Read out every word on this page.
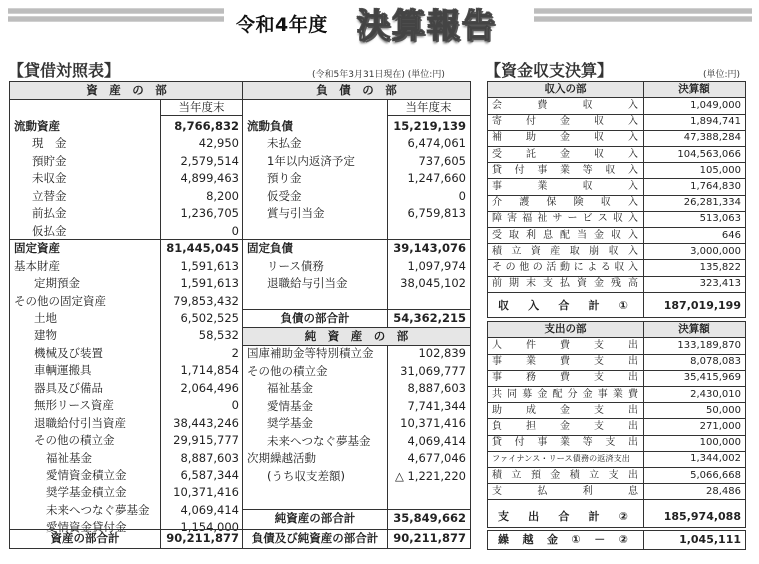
令和4年度 決算報告
【貸借対照表】	(令和5年3月31日現在) (単位:円)
資　産　の　部	負　債　の　部
当年度末	当年度末
流動資産	8,766,832
現　金	42,950
預貯金	2,579,514
未収金	4,899,463
立替金	8,200
前払金	1,236,705
仮払金	0
固定資産	81,445,045
基本財産	1,591,613
定期預金	1,591,613
その他の固定資産	79,853,432
土地	6,502,525
建物	58,532
機械及び装置	2
車輌運搬具	1,714,854
器具及び備品	2,064,496
無形リース資産	0
退職給付引当資産	38,443,246
その他の積立金	29,915,777
福祉基金	8,887,603
愛情資金積立金	6,587,344
奨学基金積立金	10,371,416
未来へつなぐ夢基金	4,069,414
愛情資金貸付金	1,154,000
流動負債	15,219,139
未払金	6,474,061
1年以内返済予定	737,605
預り金	1,247,660
仮受金	0
賞与引当金	6,759,813
固定負債	39,143,076
リース債務	1,097,974
退職給与引当金	38,045,102
負債の部合計	54,362,215
純　資　産　の　部
国庫補助金等特別積立金	102,839
その他の積立金	31,069,777
福祉基金	8,887,603
愛情基金	7,741,344
奨学基金	10,371,416
未来へつなぐ夢基金	4,069,414
次期繰越活動	4,677,046
(うち収支差額)	△ 1,221,220
純資産の部合計	35,849,662
資産の部合計	90,211,877	負債及び純資産の部合計	90,211,877
【資金収支決算】	(単位:円)
収入の部	決算額
会費収入	1,049,000
寄付金収入	1,894,741
補助金収入	47,388,284
受託金収入	104,563,066
貸付事業等収入	105,000
事業収入	1,764,830
介護保険収入	26,281,334
障害福祉サービス収入	513,063
受取利息配当金収入	646
積立資産取崩収入	3,000,000
その他の活動による収入	135,822
前期末支払資金残高	323,413
収入合計①	187,019,199
支出の部	決算額
人件費支出	133,189,870
事業費支出	8,078,083
事務費支出	35,415,969
共同募金配分金事業費	2,430,010
助成金支出	50,000
負担金支出	271,000
貸付事業等支出	100,000
ファイナンス・リース債務の返済支出	1,344,002
積立預金積立支出	5,066,668
支払利息	28,486
支出合計②	185,974,088
繰越金①－②	1,045,111
